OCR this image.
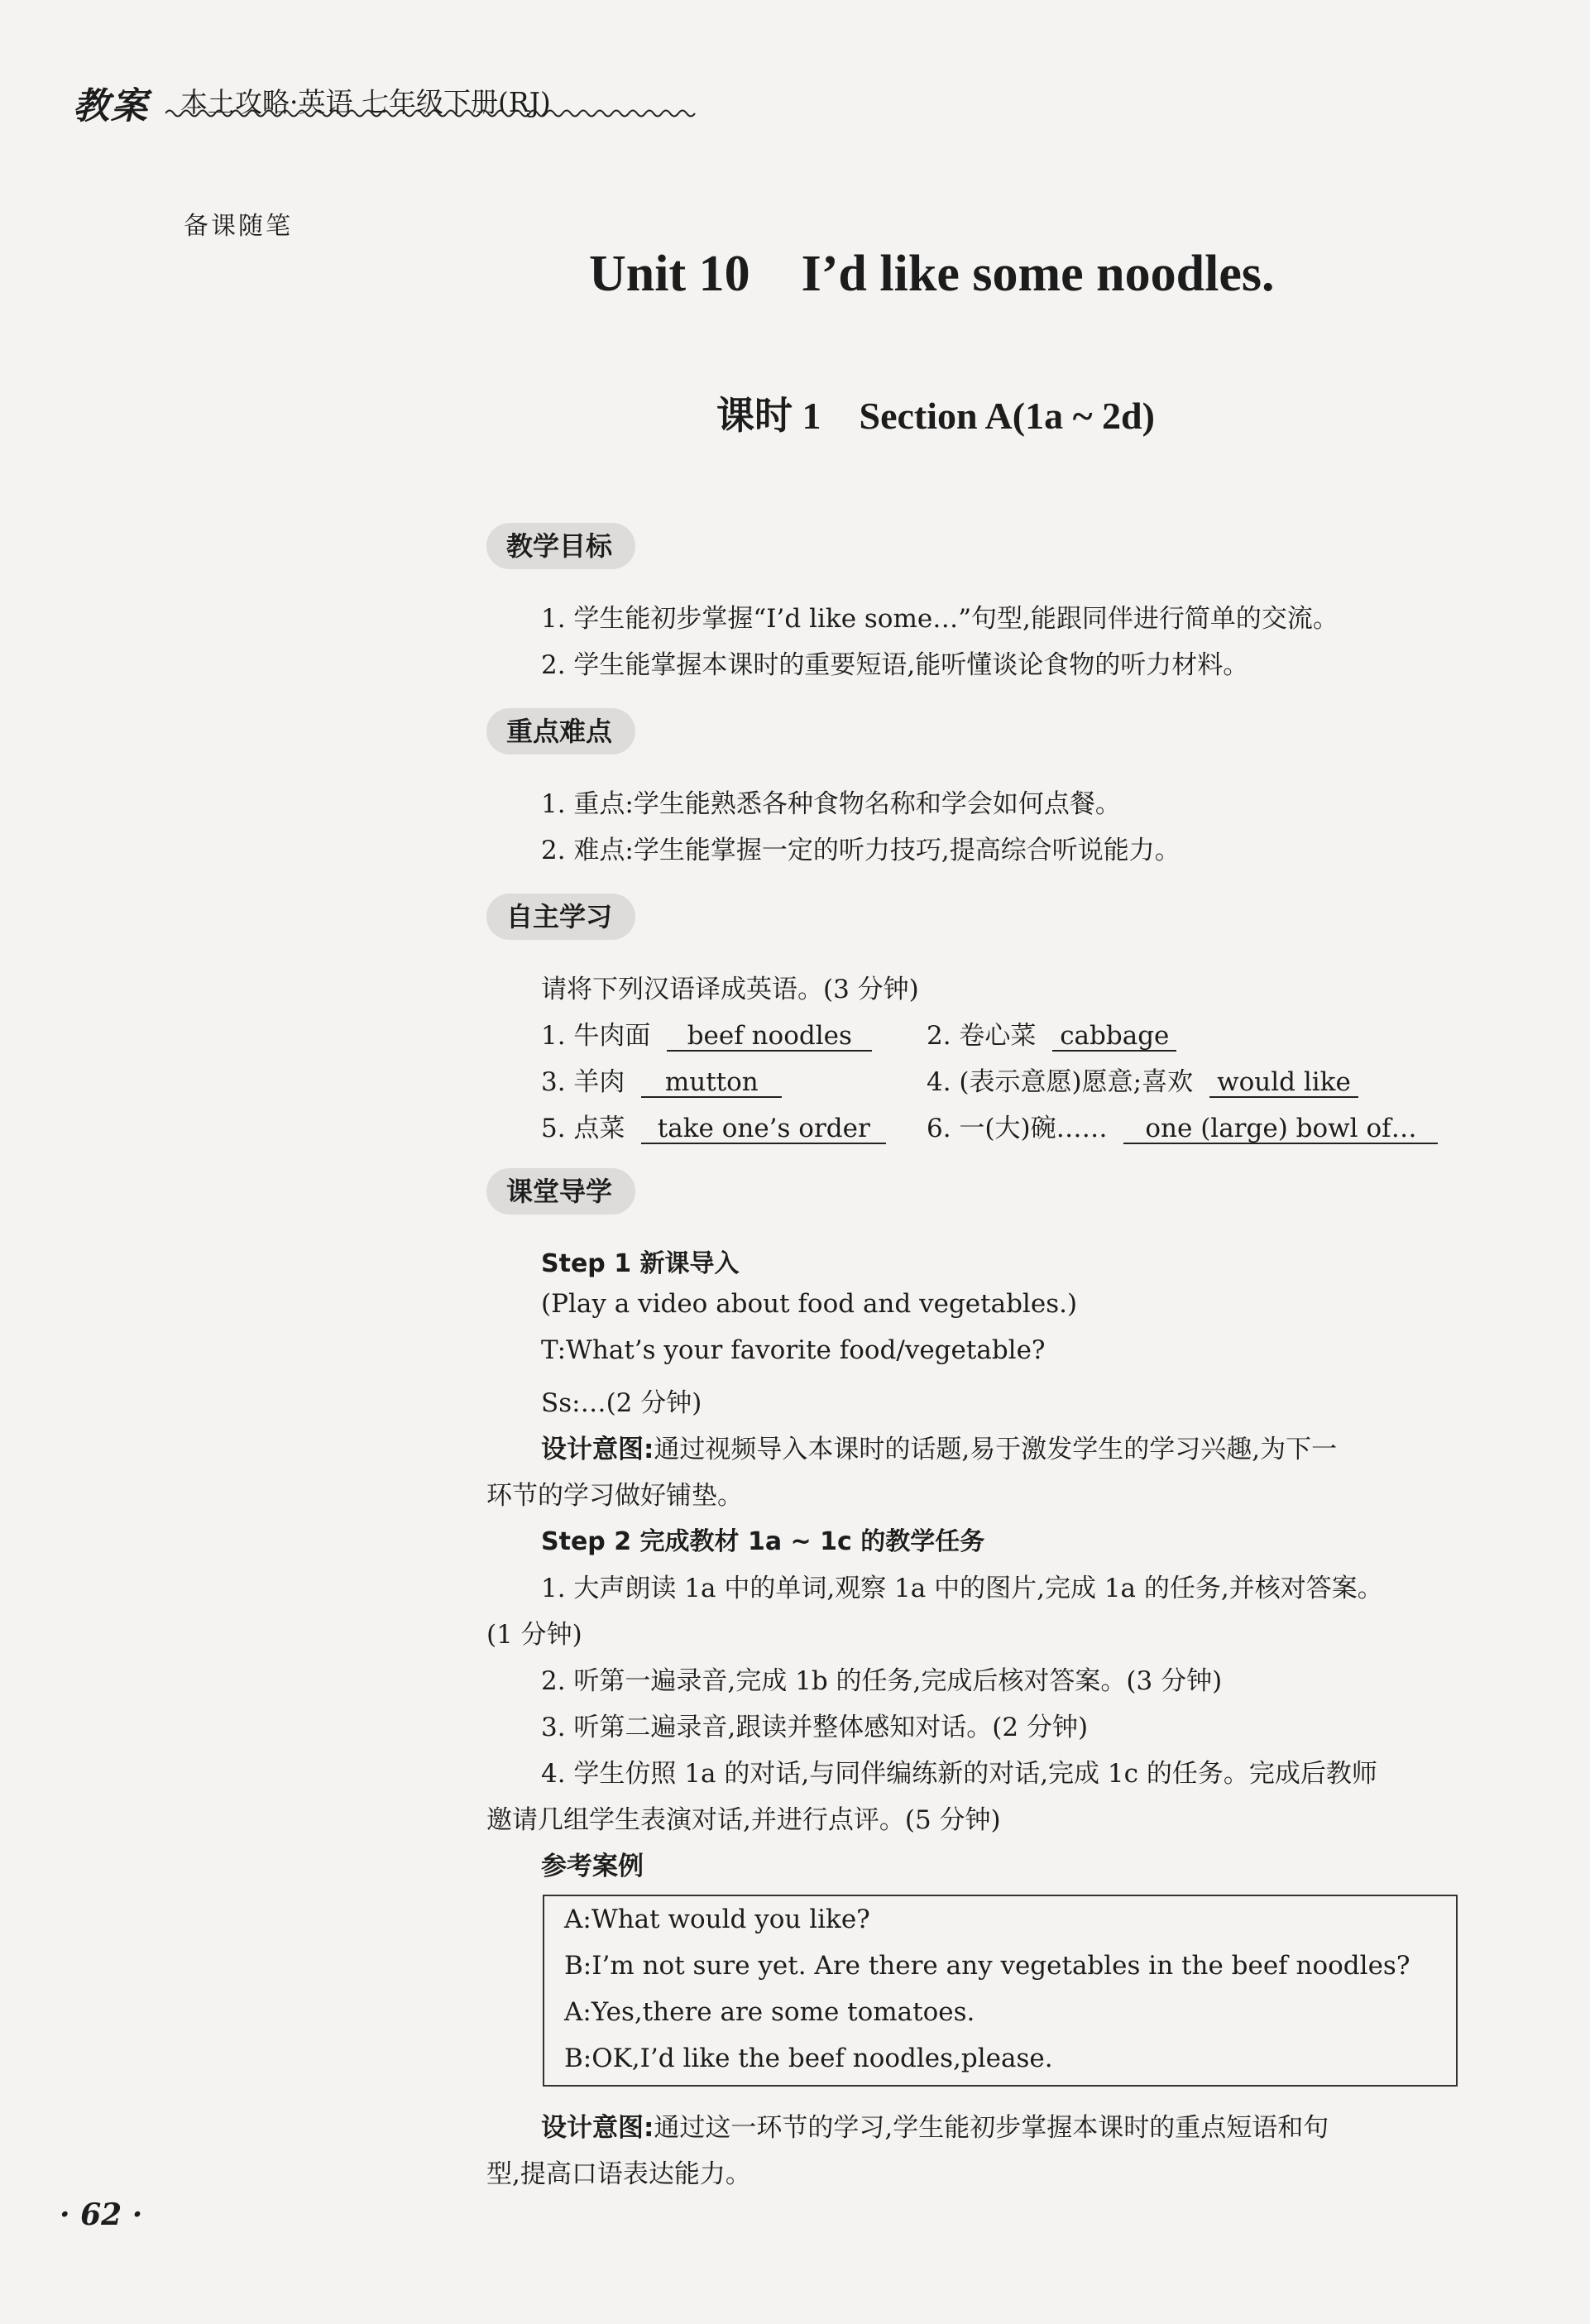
教案 本土攻略·英语 七年级下册(RJ)
备课随笔
Unit 10    I’d like some noodles.
课时 1    Section A(1a ~ 2d)
教学目标
1. 学生能初步掌握“I’d like some…”句型,能跟同伴进行简单的交流。
2. 学生能掌握本课时的重要短语,能听懂谈论食物的听力材料。
重点难点
1. 重点:学生能熟悉各种食物名称和学会如何点餐。
2. 难点:学生能掌握一定的听力技巧,提高综合听说能力。
自主学习
请将下列汉语译成英语。(3 分钟)
1. 牛肉面 beef noodles	2. 卷心菜 cabbage
3. 羊肉 mutton	4. (表示意愿)愿意;喜欢 would like
5. 点菜 take one’s order	6. 一(大)碗…… one (large) bowl of…
课堂导学
Step 1 新课导入
(Play a video about food and vegetables.)
T:What’s your favorite food/vegetable?
Ss:…(2 分钟)
设计意图:通过视频导入本课时的话题,易于激发学生的学习兴趣,为下一
环节的学习做好铺垫。
Step 2 完成教材 1a ~ 1c 的教学任务
1. 大声朗读 1a 中的单词,观察 1a 中的图片,完成 1a 的任务,并核对答案。
(1 分钟)
2. 听第一遍录音,完成 1b 的任务,完成后核对答案。(3 分钟)
3. 听第二遍录音,跟读并整体感知对话。(2 分钟)
4. 学生仿照 1a 的对话,与同伴编练新的对话,完成 1c 的任务。完成后教师
邀请几组学生表演对话,并进行点评。(5 分钟)
参考案例
A:What would you like?
B:I’m not sure yet. Are there any vegetables in the beef noodles?
A:Yes,there are some tomatoes.
B:OK,I’d like the beef noodles,please.
设计意图:通过这一环节的学习,学生能初步掌握本课时的重点短语和句
型,提高口语表达能力。
· 62 ·
